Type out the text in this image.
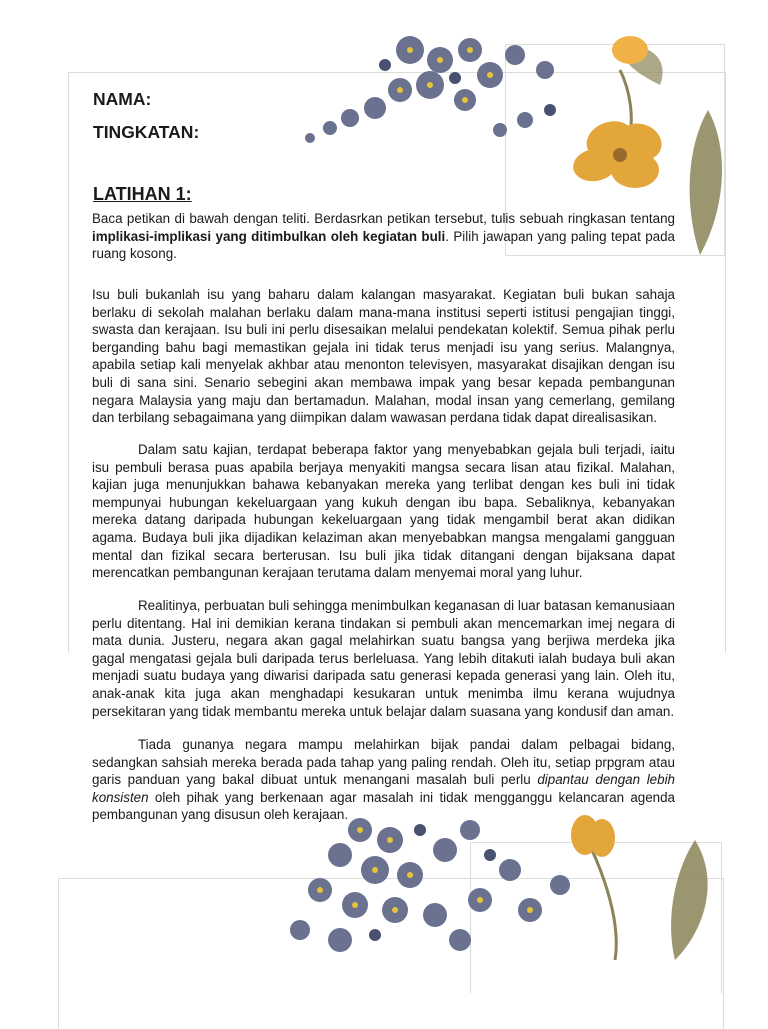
NAMA:
TINGKATAN:
LATIHAN 1:

Baca petikan di bawah dengan teliti. Berdasrkan petikan tersebut, tulis sebuah ringkasan tentang implikasi-implikasi yang ditimbulkan oleh kegiatan buli. Pilih jawapan yang paling tepat pada ruang kosong.

Isu buli bukanlah isu yang baharu dalam kalangan masyarakat. Kegiatan buli bukan sahaja berlaku di sekolah malahan berlaku dalam mana-mana institusi seperti istitusi pengajian tinggi, swasta dan kerajaan. Isu buli ini perlu disesaikan melalui pendekatan kolektif. Semua pihak perlu berganding bahu bagi memastikan gejala ini tidak terus menjadi isu yang serius. Malangnya, apabila setiap kali menyelak akhbar atau menonton televisyen, masyarakat disajikan dengan isu buli di sana sini. Senario sebegini akan membawa impak yang besar kepada pembangunan negara Malaysia yang maju dan bertamadun. Malahan, modal insan yang cemerlang, gemilang dan terbilang sebagaimana yang diimpikan dalam wawasan perdana tidak dapat direalisasikan.

Dalam satu kajian, terdapat beberapa faktor yang menyebabkan gejala buli terjadi, iaitu isu pembuli berasa puas apabila berjaya menyakiti mangsa secara lisan atau fizikal. Malahan, kajian juga menunjukkan bahawa kebanyakan mereka yang terlibat dengan kes buli ini tidak mempunyai hubungan kekeluargaan yang kukuh dengan ibu bapa. Sebaliknya, kebanyakan mereka datang daripada hubungan kekeluargaan yang tidak mengambil berat akan didikan agama. Budaya buli jika dijadikan kelaziman akan menyebabkan mangsa mengalami gangguan mental dan fizikal secara berterusan. Isu buli jika tidak ditangani dengan bijaksana dapat merencatkan pembangunan kerajaan terutama dalam menyemai moral yang luhur.

Realitinya, perbuatan buli sehingga menimbulkan keganasan di luar batasan kemanusiaan perlu ditentang. Hal ini demikian kerana tindakan si pembuli akan mencemarkan imej negara di mata dunia. Justeru, negara akan gagal melahirkan suatu bangsa yang berjiwa merdeka jika gagal mengatasi gejala buli daripada terus berleluasa. Yang lebih ditakuti ialah budaya buli akan menjadi suatu budaya yang diwarisi daripada satu generasi kepada generasi yang lain. Oleh itu, anak-anak kita juga akan menghadapi kesukaran untuk menimba ilmu kerana wujudnya persekitaran yang tidak membantu mereka untuk belajar dalam suasana yang kondusif dan aman.

Tiada gunanya negara mampu melahirkan bijak pandai dalam pelbagai bidang, sedangkan sahsiah mereka berada pada tahap yang paling rendah. Oleh itu, setiap prpgram atau garis panduan yang bakal dibuat untuk menangani masalah buli perlu dipantau dengan lebih konsisten oleh pihak yang berkenaan agar masalah ini tidak mengganggu kelancaran agenda pembangunan yang disusun oleh kerajaan.
